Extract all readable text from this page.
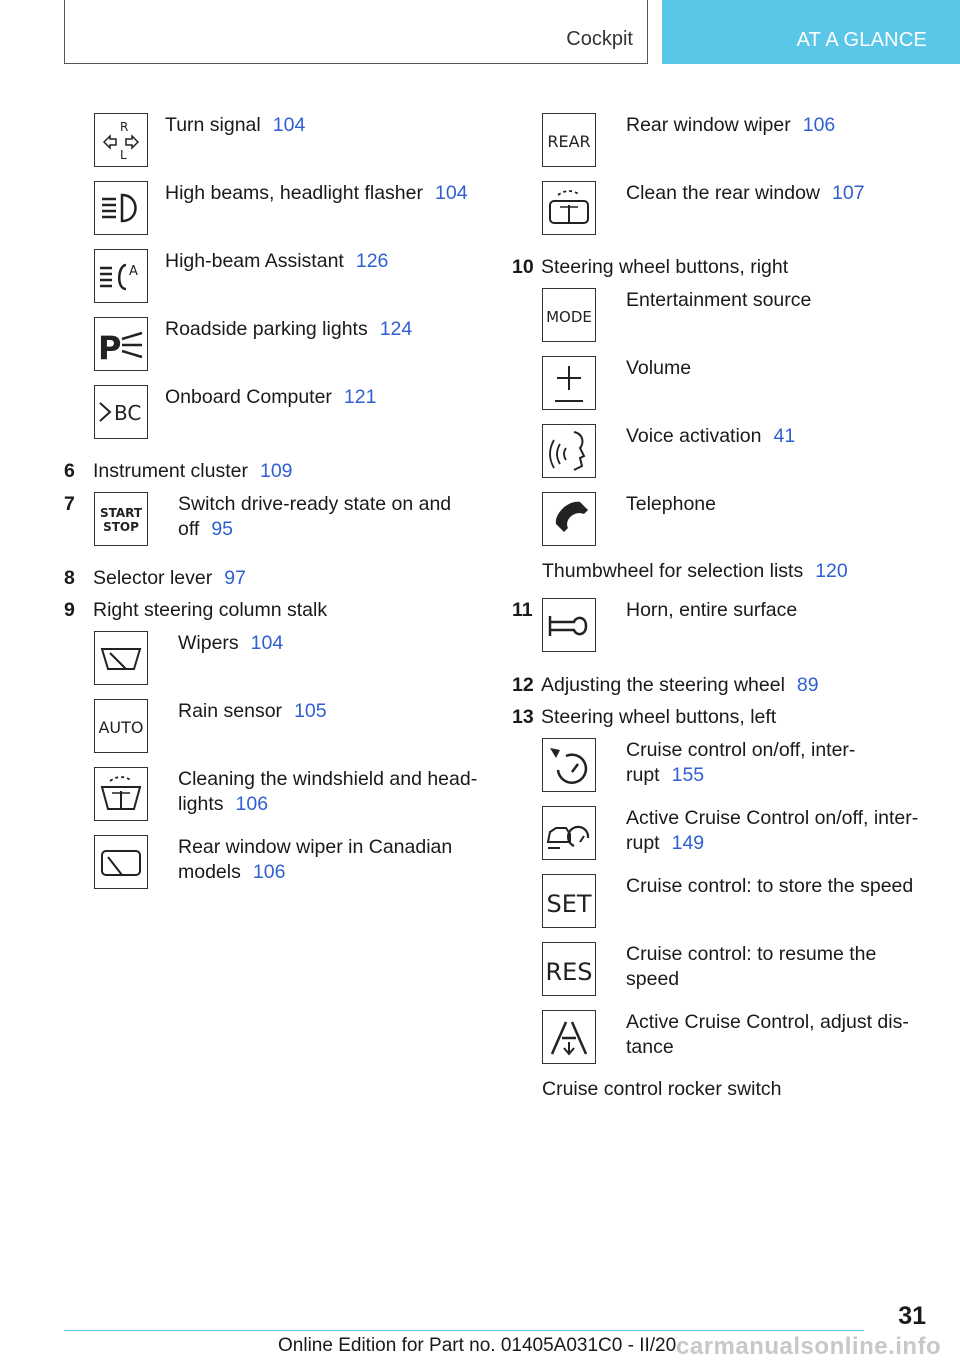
Cockpit	AT A GLANCE
R
L
Turn signal 104
High beams, headlight flasher 104
A High-beam Assistant 126
P Roadside parking lights 124
BC
Onboard Computer 121
6 Instrument cluster 109
7 START
STOP
Switch drive-ready state on and
off 95
8 Selector lever 97
9 Right steering column stalk
Wipers 104
AUTO
Rain sensor 105
Cleaning the windshield and head-
lights 106
Rear window wiper in Canadian
models 106
REAR
Rear window wiper 106
Clean the rear window 107
10 Steering wheel buttons, right
MODE
Entertainment source
Volume
Voice activation 41
Telephone
Thumbwheel for selection lists 120
11	Horn, entire surface
12 Adjusting the steering wheel 89
13 Steering wheel buttons, left
Cruise control on/off, inter-
rupt 155
Active Cruise Control on/off, inter-
rupt 149
SET
Cruise control: to store the speed
RES
Cruise control: to resume the
speed
Active Cruise Control, adjust dis-
tance
Cruise control rocker switch
31
Online Edition for Part no. 01405A031C0 - II/20 carmanualsonline.info
